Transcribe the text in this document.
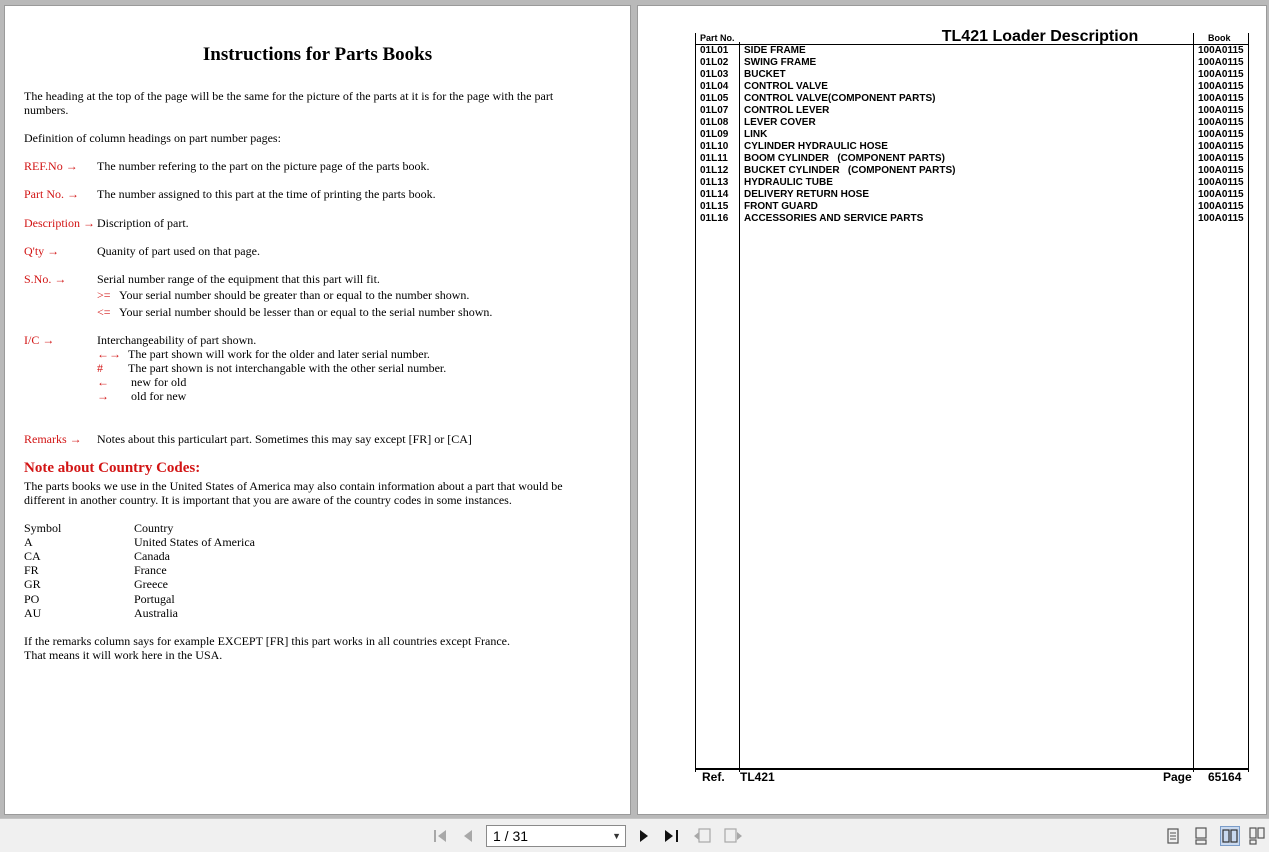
Instructions for Parts Books
The heading at the top of the page will be the same for the picture of the parts at it is for the page with the part
numbers.
Definition of column headings on part number pages:
REF.No → The number refering to the part on the picture page of the parts book.
Part No. → The number assigned to this part at the time of printing the parts book.
Description → Discription of part.
Q'ty →	Quanity of part used on that page.
S.No. →	Serial number range of the equipment that this part will fit.
>= Your serial number should be greater than or equal to the number shown.
<= Your serial number should be lesser than or equal to the serial number shown.
I/C →	Interchangeability of part shown.
←→ The part shown will work for the older and later serial number.
# The part shown is not interchangable with the other serial number.
← new for old
→ old for new
Remarks → Notes about this particulart part. Sometimes this may say except [FR] or [CA]
Note about Country Codes:
The parts books we use in the United States of America may also contain information about a part that would be
different in another country. It is important that you are aware of the country codes in some instances.
Symbol	Country
A	United States of America
CA	Canada
FR	France
GR	Greece
PO	Portugal
AU	Australia
If the remarks column says for example EXCEPT [FR] this part works in all countries except France.
That means it will work here in the USA.
TL421 Loader Description
Part No.	Book
01L01 SIDE FRAME	100A0115
01L02 SWING FRAME	100A0115
01L03 BUCKET	100A0115
01L04 CONTROL VALVE	100A0115
01L05 CONTROL VALVE(COMPONENT PARTS)	100A0115
01L07 CONTROL LEVER	100A0115
01L08 LEVER COVER	100A0115
01L09 LINK	100A0115
01L10 CYLINDER HYDRAULIC HOSE	100A0115
01L11 BOOM CYLINDER   (COMPONENT PARTS)	100A0115
01L12 BUCKET CYLINDER   (COMPONENT PARTS)	100A0115
01L13 HYDRAULIC TUBE	100A0115
01L14 DELIVERY RETURN HOSE	100A0115
01L15 FRONT GUARD	100A0115
01L16 ACCESSORIES AND SERVICE PARTS	100A0115
Ref. TL421	Page 65164
1 / 31	▼
